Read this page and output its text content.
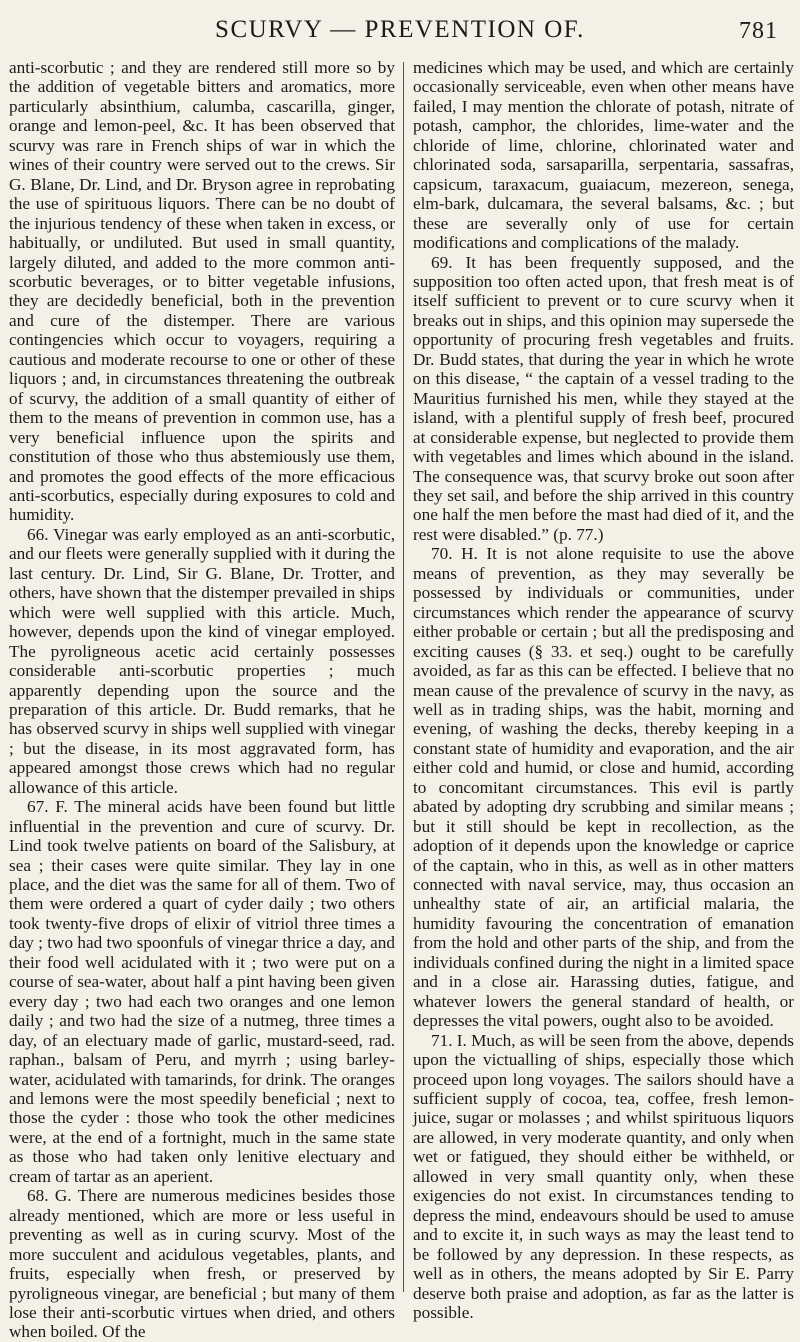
SCURVY — PREVENTION OF.	781

anti-scorbutic ; and they are rendered still more so by the addition of vegetable bitters and aromatics, more particularly absinthium, calumba, cascarilla, ginger, orange and lemon-peel, &c. It has been observed that scurvy was rare in French ships of war in which the wines of their country were served out to the crews. Sir G. Blane, Dr. Lind, and Dr. Bryson agree in reprobating the use of spirituous liquors. There can be no doubt of the injurious tendency of these when taken in excess, or habitually, or undiluted. But used in small quantity, largely diluted, and added to the more common anti-scorbutic beverages, or to bitter vegetable infusions, they are decidedly beneficial, both in the prevention and cure of the distemper. There are various contingencies which occur to voyagers, requiring a cautious and moderate recourse to one or other of these liquors ; and, in circumstances threatening the outbreak of scurvy, the addition of a small quantity of either of them to the means of prevention in common use, has a very beneficial influence upon the spirits and constitution of those who thus abstemiously use them, and promotes the good effects of the more efficacious anti-scorbutics, especially during exposures to cold and humidity.

66. Vinegar was early employed as an anti-scorbutic, and our fleets were generally supplied with it during the last century. Dr. Lind, Sir G. Blane, Dr. Trotter, and others, have shown that the distemper prevailed in ships which were well supplied with this article. Much, however, depends upon the kind of vinegar employed. The pyroligneous acetic acid certainly possesses considerable anti-scorbutic properties ; much apparently depending upon the source and the preparation of this article. Dr. Budd remarks, that he has observed scurvy in ships well supplied with vinegar ; but the disease, in its most aggravated form, has appeared amongst those crews which had no regular allowance of this article.

67. F. The mineral acids have been found but little influential in the prevention and cure of scurvy. Dr. Lind took twelve patients on board of the Salisbury, at sea ; their cases were quite similar. They lay in one place, and the diet was the same for all of them. Two of them were ordered a quart of cyder daily ; two others took twenty-five drops of elixir of vitriol three times a day ; two had two spoonfuls of vinegar thrice a day, and their food well acidulated with it ; two were put on a course of sea-water, about half a pint having been given every day ; two had each two oranges and one lemon daily ; and two had the size of a nutmeg, three times a day, of an electuary made of garlic, mustard-seed, rad. raphan., balsam of Peru, and myrrh ; using barley-water, acidulated with tamarinds, for drink. The oranges and lemons were the most speedily beneficial ; next to those the cyder : those who took the other medicines were, at the end of a fortnight, much in the same state as those who had taken only lenitive electuary and cream of tartar as an aperient.

68. G. There are numerous medicines besides those already mentioned, which are more or less useful in preventing as well as in curing scurvy. Most of the more succulent and acidulous vegetables, plants, and fruits, especially when fresh, or preserved by pyroligneous vinegar, are beneficial ; but many of them lose their anti-scorbutic virtues when dried, and others when boiled. Of the

medicines which may be used, and which are certainly occasionally serviceable, even when other means have failed, I may mention the chlorate of potash, nitrate of potash, camphor, the chlorides, lime-water and the chloride of lime, chlorine, chlorinated water and chlorinated soda, sarsaparilla, serpentaria, sassafras, capsicum, taraxacum, guaiacum, mezereon, senega, elm-bark, dulcamara, the several balsams, &c. ; but these are severally only of use for certain modifications and complications of the malady.

69. It has been frequently supposed, and the supposition too often acted upon, that fresh meat is of itself sufficient to prevent or to cure scurvy when it breaks out in ships, and this opinion may supersede the opportunity of procuring fresh vegetables and fruits. Dr. Budd states, that during the year in which he wrote on this disease, “ the captain of a vessel trading to the Mauritius furnished his men, while they stayed at the island, with a plentiful supply of fresh beef, procured at considerable expense, but neglected to provide them with vegetables and limes which abound in the island. The consequence was, that scurvy broke out soon after they set sail, and before the ship arrived in this country one half the men before the mast had died of it, and the rest were disabled.” (p. 77.)

70. H. It is not alone requisite to use the above means of prevention, as they may severally be possessed by individuals or communities, under circumstances which render the appearance of scurvy either probable or certain ; but all the predisposing and exciting causes (§ 33. et seq.) ought to be carefully avoided, as far as this can be effected. I believe that no mean cause of the prevalence of scurvy in the navy, as well as in trading ships, was the habit, morning and evening, of washing the decks, thereby keeping in a constant state of humidity and evaporation, and the air either cold and humid, or close and humid, according to concomitant circumstances. This evil is partly abated by adopting dry scrubbing and similar means ; but it still should be kept in recollection, as the adoption of it depends upon the knowledge or caprice of the captain, who in this, as well as in other matters connected with naval service, may, thus occasion an unhealthy state of air, an artificial malaria, the humidity favouring the concentration of emanation from the hold and other parts of the ship, and from the individuals confined during the night in a limited space and in a close air. Harassing duties, fatigue, and whatever lowers the general standard of health, or depresses the vital powers, ought also to be avoided.

71. I. Much, as will be seen from the above, depends upon the victualling of ships, especially those which proceed upon long voyages. The sailors should have a sufficient supply of cocoa, tea, coffee, fresh lemon-juice, sugar or molasses ; and whilst spirituous liquors are allowed, in very moderate quantity, and only when wet or fatigued, they should either be withheld, or allowed in very small quantity only, when these exigencies do not exist. In circumstances tending to depress the mind, endeavours should be used to amuse and to excite it, in such ways as may the least tend to be followed by any depression. In these respects, as well as in others, the means adopted by Sir E. Parry deserve both praise and adoption, as far as the latter is possible.
